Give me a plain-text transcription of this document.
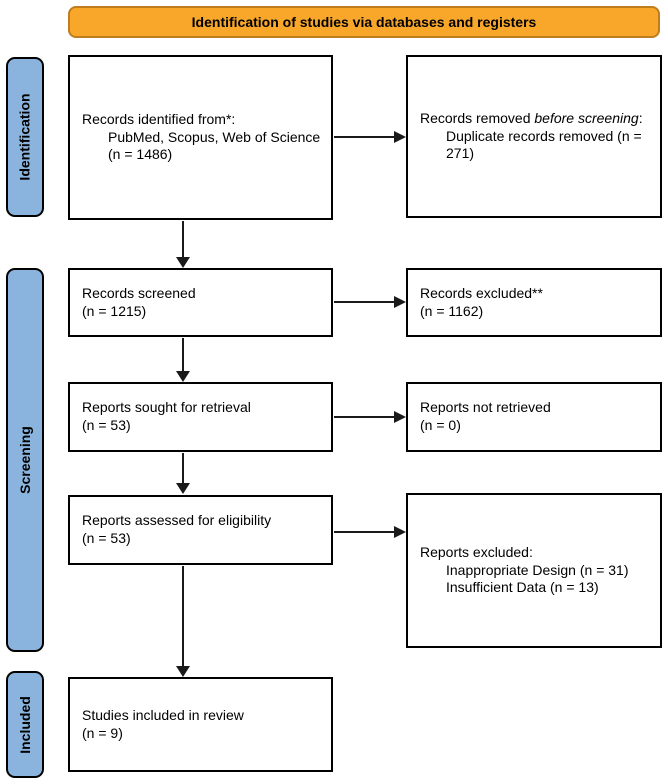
Identification of studies via databases and registers
Identification
Screening
Included
Records identified from*:
PubMed, Scopus, Web of Science (n = 1486)
Records screened
(n = 1215)
Reports sought for retrieval
(n = 53)
Reports assessed for eligibility
(n = 53)
Studies included in review
(n = 9)
Records removed before screening:
Duplicate records removed (n = 271)
Records excluded**
(n = 1162)
Reports not retrieved
(n = 0)
Reports excluded:
Inappropriate Design (n = 31)
Insufficient Data (n = 13)
